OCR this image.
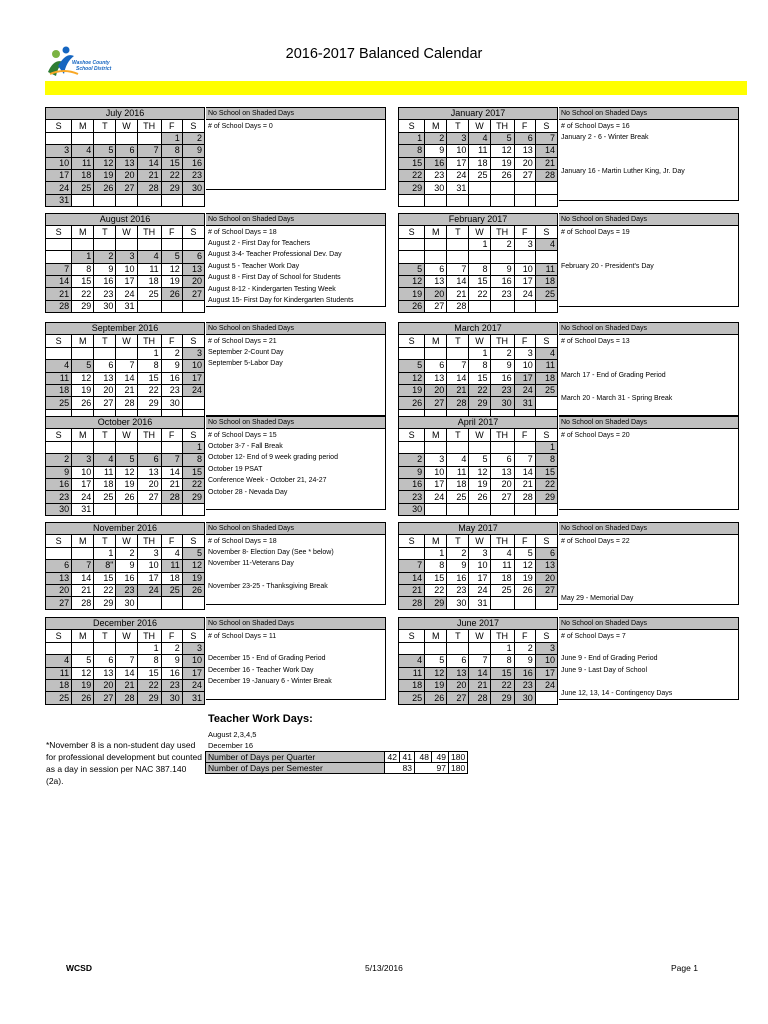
Washoe County
School District
2016-2017 Balanced Calendar
July 2016						
S	M	T	W	TH	F	S
					1	2
3	4	5	6	7	8	9
10	11	12	13	14	15	16
17	18	19	20	21	22	23
24	25	26	27	28	29	30
31						
No School on Shaded Days
# of School Days = 0

August 2016						
S	M	T	W	TH	F	S

	1	2	3	4	5	6
7	8	9	10	11	12	13
14	15	16	17	18	19	20
21	22	23	24	25	26	27
28	29	30	31			
No School on Shaded Days
# of School Days = 18
August 2 - First Day for Teachers
August 3-4- Teacher Professional Dev. Day
August 5 - Teacher Work Day
August 8 - First Day of School for Students
August 8-12 - Kindergarten Testing Week
August 15- First Day for Kindergarten Students
September 2016						
S	M	T	W	TH	F	S
				1	2	3
4	5	6	7	8	9	10
11	12	13	14	15	16	17
18	19	20	21	22	23	24
25	26	27	28	29	30	

No School on Shaded Days
# of School Days = 21
September 2-Count Day
September 5-Labor Day

October 2016						
S	M	T	W	TH	F	S
						1
2	3	4	5	6	7	8
9	10	11	12	13	14	15
16	17	18	19	20	21	22
23	24	25	26	27	28	29
30	31					
No School on Shaded Days
# of School Days = 15
October 3-7 - Fall Break
October 12- End of 9 week grading period
October 19 PSAT
Conference Week - October 21, 24-27
October 28 - Nevada Day

November 2016						
S	M	T	W	TH	F	S
		1	2	3	4	5
6	7	8"	9	10	11	12
13	14	15	16	17	18	19
20	21	22	23	24	25	26
27	28	29	30			
No School on Shaded Days
# of School Days = 18
November 8- Election Day (See * below)
November 11-Veterans Day

November 23-25 - Thanksgiving Break

December 2016						
S	M	T	W	TH	F	S
				1	2	3
4	5	6	7	8	9	10
11	12	13	14	15	16	17
18	19	20	21	22	23	24
25	26	27	28	29	30	31
No School on Shaded Days
# of School Days = 11

December 15 - End of Grading Period
December 16 - Teacher Work Day
December 19 -January 6 - Winter Break

January 2017						
S	M	T	W	TH	F	S
1	2	3	4	5	6	7
8	9	10	11	12	13	14
15	16	17	18	19	20	21
22	23	24	25	26	27	28
29	30	31				

No School on Shaded Days
# of School Days = 16
January 2 - 6 - Winter Break

January 16 - Martin Luther King, Jr. Day

February 2017						
S	M	T	W	TH	F	S
			1	2	3	4

5	6	7	8	9	10	11
12	13	14	15	16	17	18
19	20	21	22	23	24	25
26	27	28				
No School on Shaded Days
# of School Days = 19

February 20 - President's Day

March 2017						
S	M	T	W	TH	F	S
			1	2	3	4
5	6	7	8	9	10	11
12	13	14	15	16	17	18
19	20	21	22	23	24	25
26	27	28	29	30	31	

No School on Shaded Days
# of School Days = 13

March 17 - End of Grading Period

March 20 - March 31 - Spring Break

April 2017						
S	M	T	W	TH	F	S
						1
2	3	4	5	6	7	8
9	10	11	12	13	14	15
16	17	18	19	20	21	22
23	24	25	26	27	28	29
30						
No School on Shaded Days
# of School Days = 20

May 2017						
S	M	T	W	TH	F	S
	1	2	3	4	5	6
7	8	9	10	11	12	13
14	15	16	17	18	19	20
21	22	23	24	25	26	27
28	29	30	31			
No School on Shaded Days
# of School Days = 22

May 29 - Memorial Day
June 2017						
S	M	T	W	TH	F	S
				1	2	3
4	5	6	7	8	9	10
11	12	13	14	15	16	17
18	19	20	21	22	23	24
25	26	27	28	29	30	
No School on Shaded Days
# of School Days = 7

June 9 - End of Grading Period
June 9 - Last Day of School

June 12, 13, 14 - Contingency Days
Teacher Work Days:
August 2,3,4,5
December 16
*November 8 is a non-student day used for professional development but counted as a day in session per NAC 387.140 (2a).
Number of Days per Quarter	42	41	48	49	180
Number of Days per Semester	83		97		180
WCSD	5/13/2016	Page 1
